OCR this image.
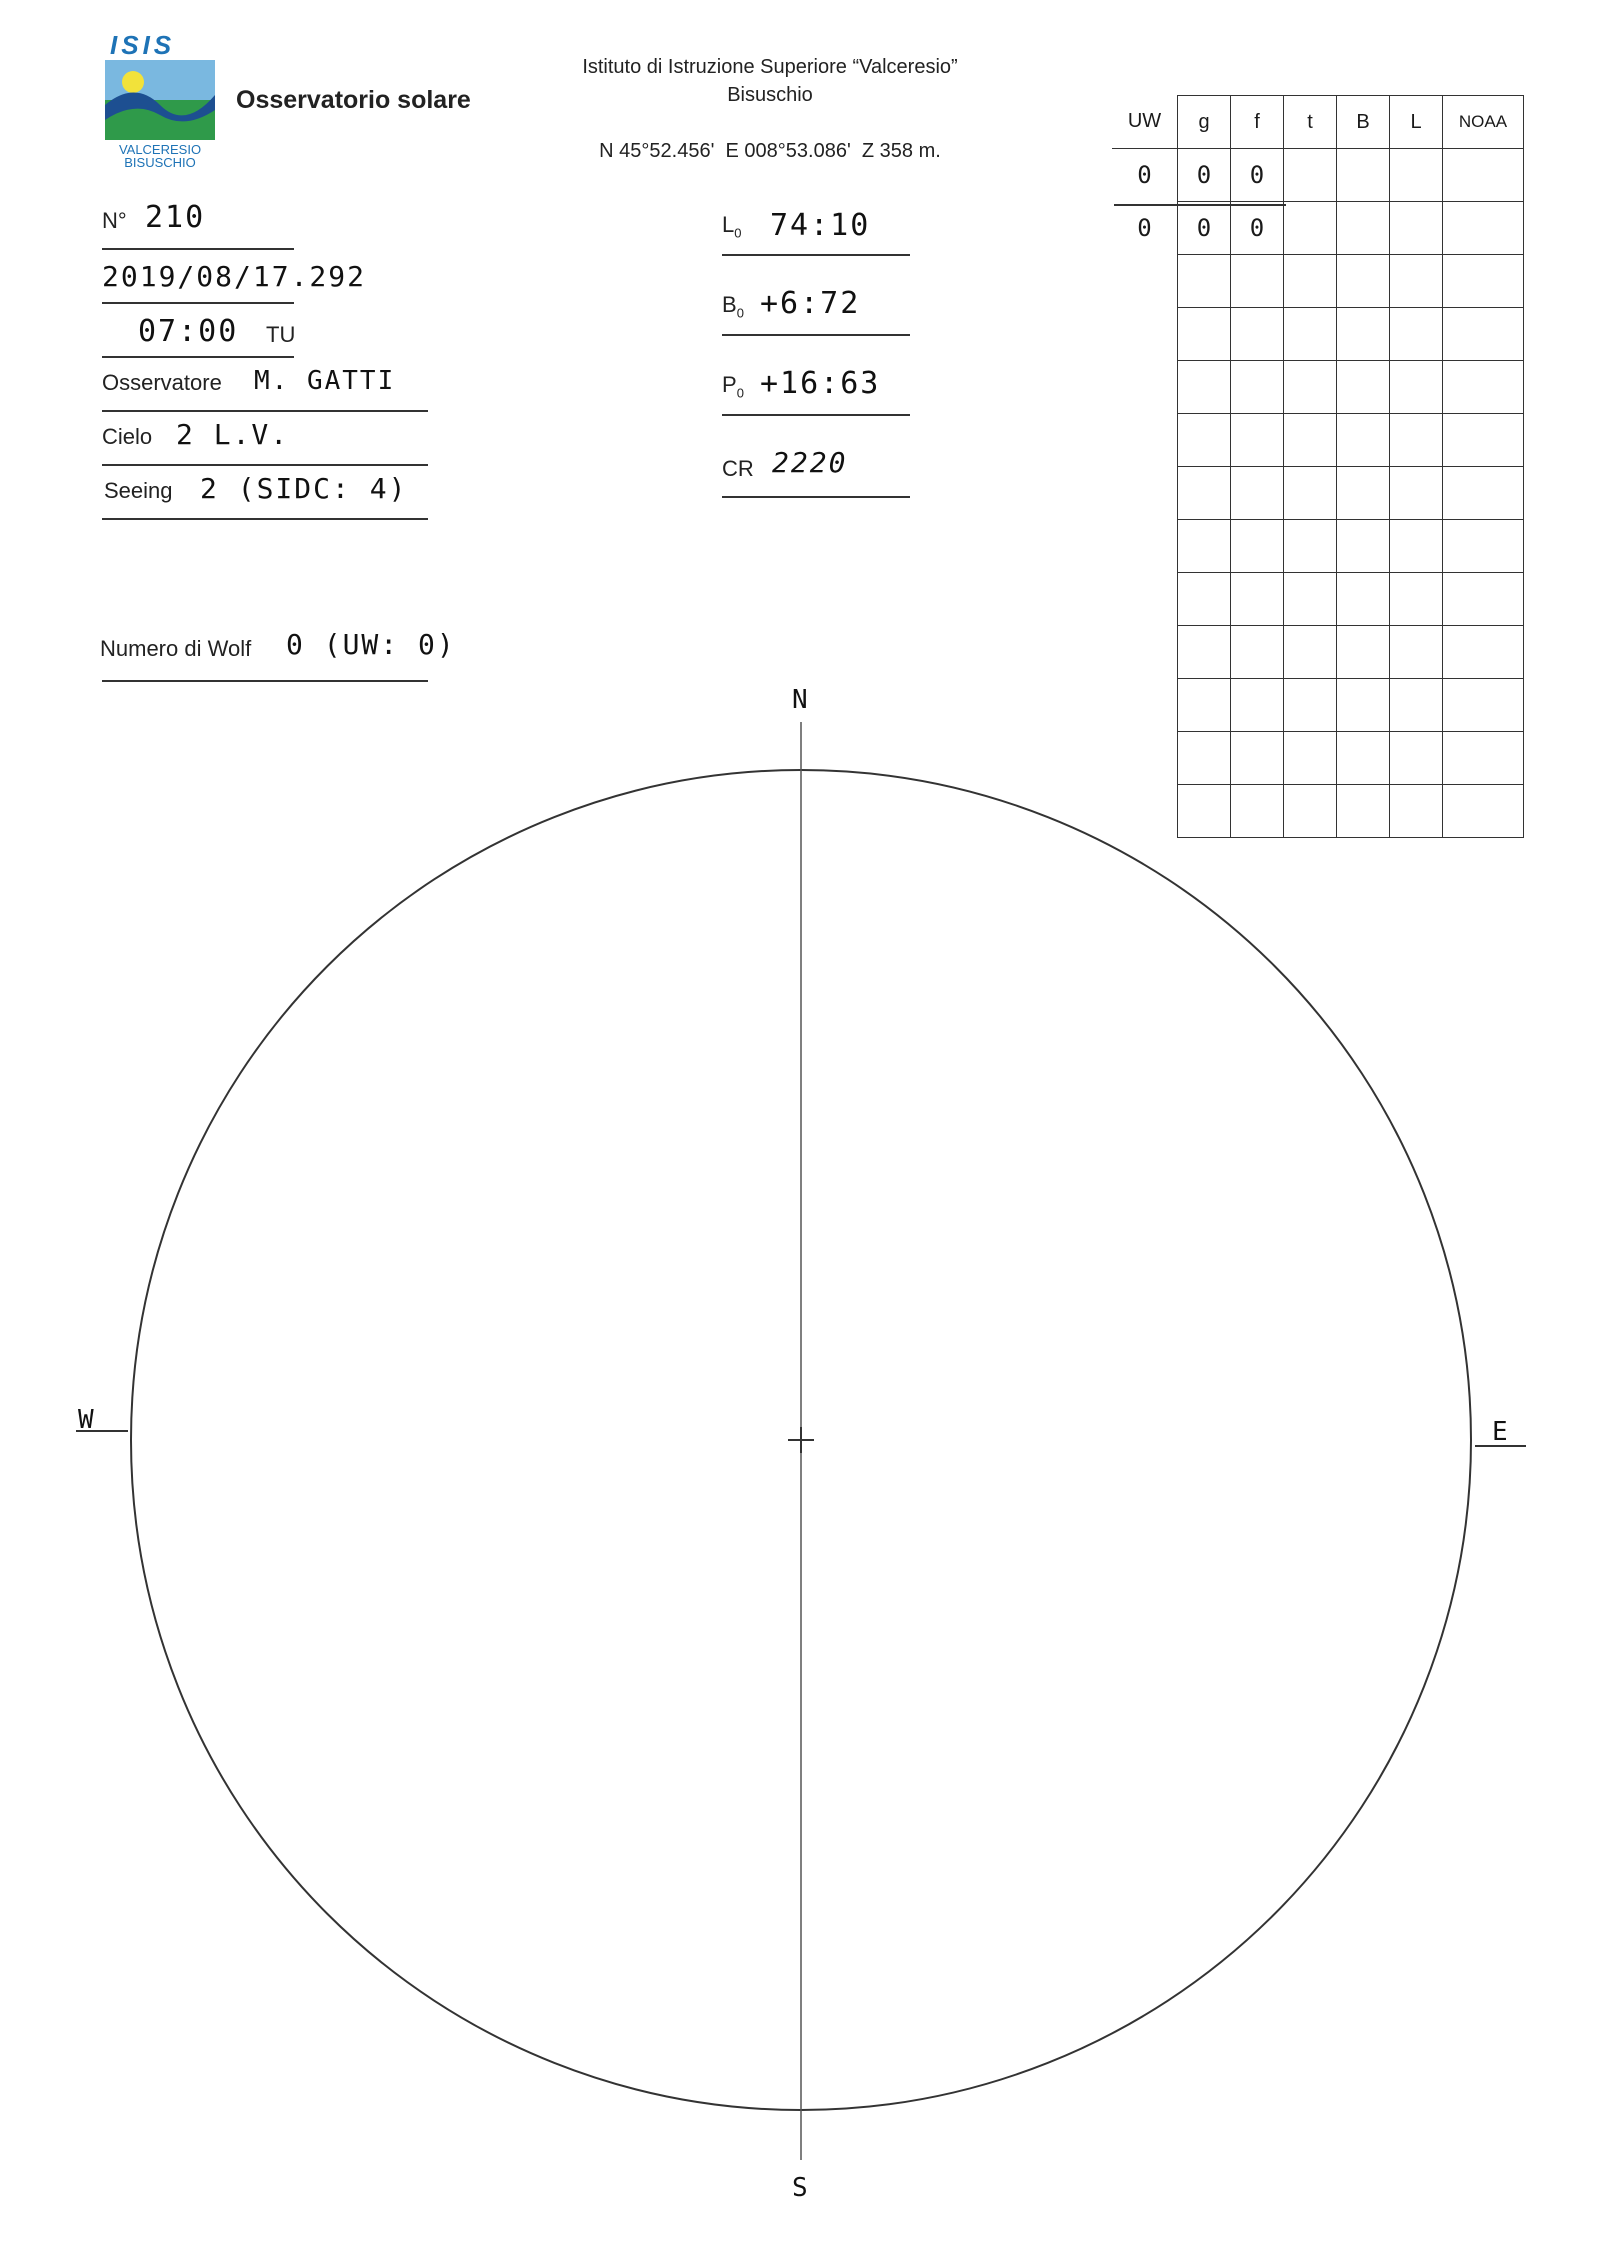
ISIS
VALCERESIO
BISUSCHIO
Osservatorio solare
Istituto di Istruzione Superiore “Valceresio”
Bisuschio
N 45°52.456'  E 008°53.086'  Z 358 m.
N° 210
2019/08/17.292
07:00 TU
Osservatore M. GATTI
Cielo 2 L.V.
Seeing 2 (SIDC: 4)
Numero di Wolf 0 (UW: 0)
$L_0$ 74:10
$B_0$ +6:72
$P_0$ +16:63
CR 2220
UW	g	f	t	B	L	NOAA
0	0	0				
0	0	0				

N
S
E
W
